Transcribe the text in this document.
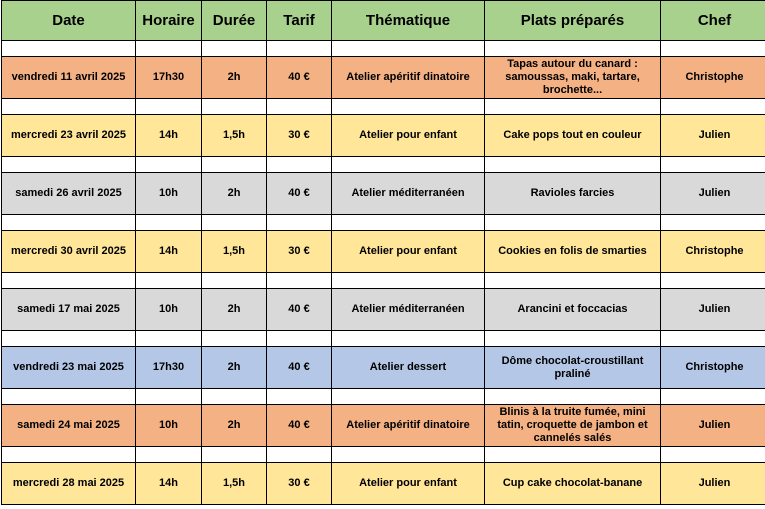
Date	Horaire	Durée	Tarif	Thématique	Plats préparés	Chef

vendredi 11 avril 2025	17h30	2h	40 €	Atelier apéritif dinatoire	Tapas autour du canard : samoussas, maki, tartare, brochette...	Christophe

mercredi 23 avril 2025	14h	1,5h	30 €	Atelier pour enfant	Cake pops tout en couleur	Julien

samedi 26 avril 2025	10h	2h	40 €	Atelier méditerranéen	Ravioles farcies	Julien

mercredi 30 avril 2025	14h	1,5h	30 €	Atelier pour enfant	Cookies en folis de smarties	Christophe

samedi 17 mai 2025	10h	2h	40 €	Atelier méditerranéen	Arancini et foccacias	Julien

vendredi 23 mai 2025	17h30	2h	40 €	Atelier dessert	Dôme chocolat-croustillant praliné	Christophe

samedi 24 mai 2025	10h	2h	40 €	Atelier apéritif dinatoire	Blinis à la truite fumée, mini tatin, croquette de jambon et cannelés salés	Julien

mercredi 28 mai 2025	14h	1,5h	30 €	Atelier pour enfant	Cup cake chocolat-banane	Julien
